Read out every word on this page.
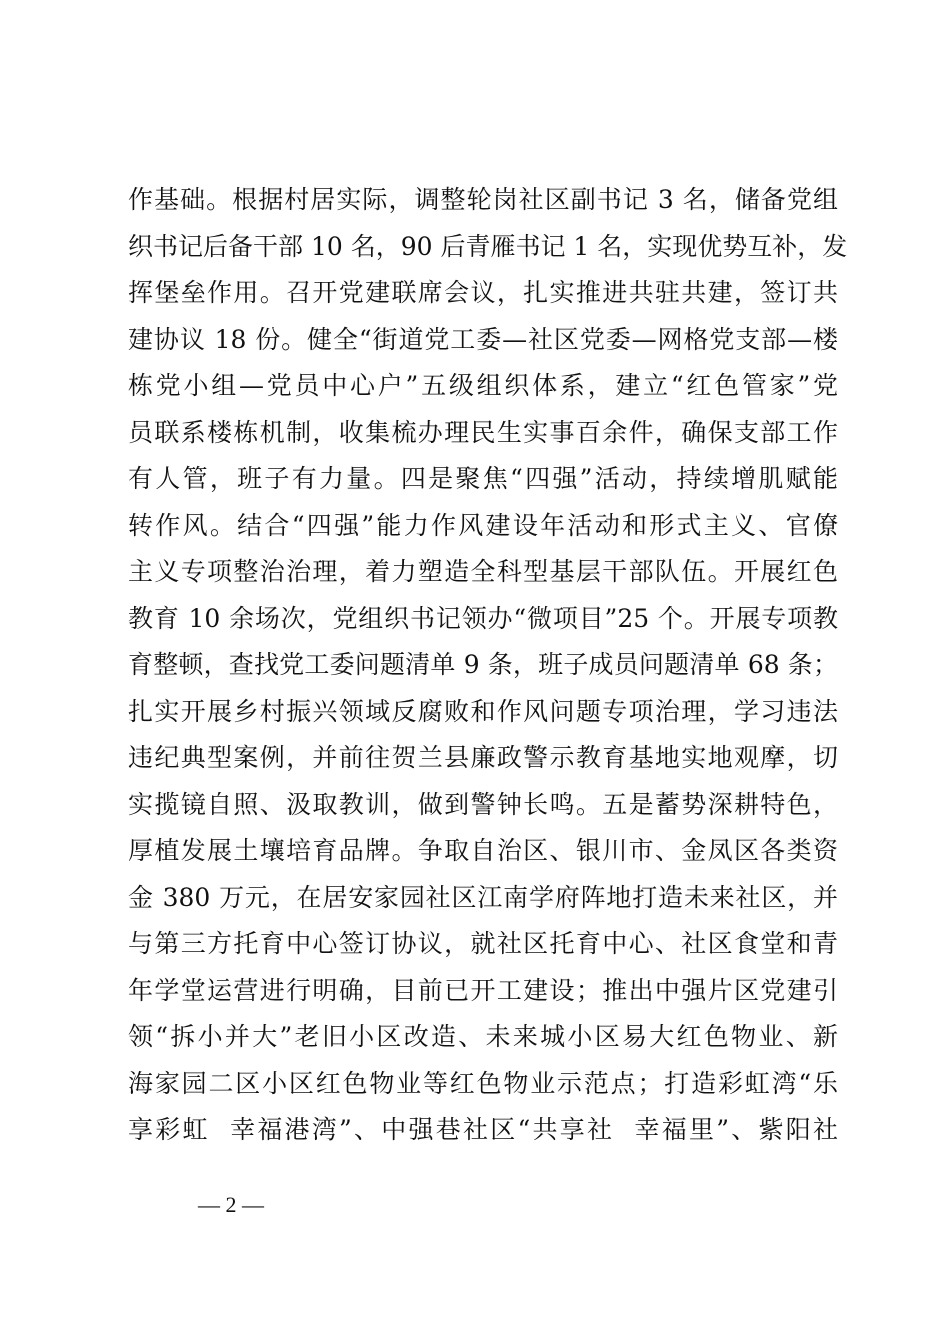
作基础。根据村居实际，调整轮岗社区副书记 3 名，储备党组
织书记后备干部 10 名，90 后青雁书记 1 名，实现优势互补，发
挥堡垒作用。召开党建联席会议，扎实推进共驻共建，签订共
建协议 18 份。健全“街道党工委—社区党委—网格党支部—楼
栋党小组—党员中心户”五级组织体系，建立“红色管家”党
员联系楼栋机制，收集梳办理民生实事百余件，确保支部工作
有人管，班子有力量。四是聚焦“四强”活动，持续增肌赋能
转作风。结合“四强”能力作风建设年活动和形式主义、官僚
主义专项整治治理，着力塑造全科型基层干部队伍。开展红色
教育 10 余场次，党组织书记领办“微项目”25 个。开展专项教
育整顿，查找党工委问题清单 9 条，班子成员问题清单 68 条；
扎实开展乡村振兴领域反腐败和作风问题专项治理，学习违法
违纪典型案例，并前往贺兰县廉政警示教育基地实地观摩，切
实揽镜自照、汲取教训，做到警钟长鸣。五是蓄势深耕特色，
厚植发展土壤培育品牌。争取自治区、银川市、金凤区各类资
金 380 万元，在居安家园社区江南学府阵地打造未来社区，并
与第三方托育中心签订协议，就社区托育中心、社区食堂和青
年学堂运营进行明确，目前已开工建设；推出中强片区党建引
领“拆小并大”老旧小区改造、未来城小区易大红色物业、新
海家园二区小区红色物业等红色物业示范点；打造彩虹湾“乐
享彩虹  幸福港湾”、中强巷社区“共享社  幸福里”、紫阳社
— 2 —
